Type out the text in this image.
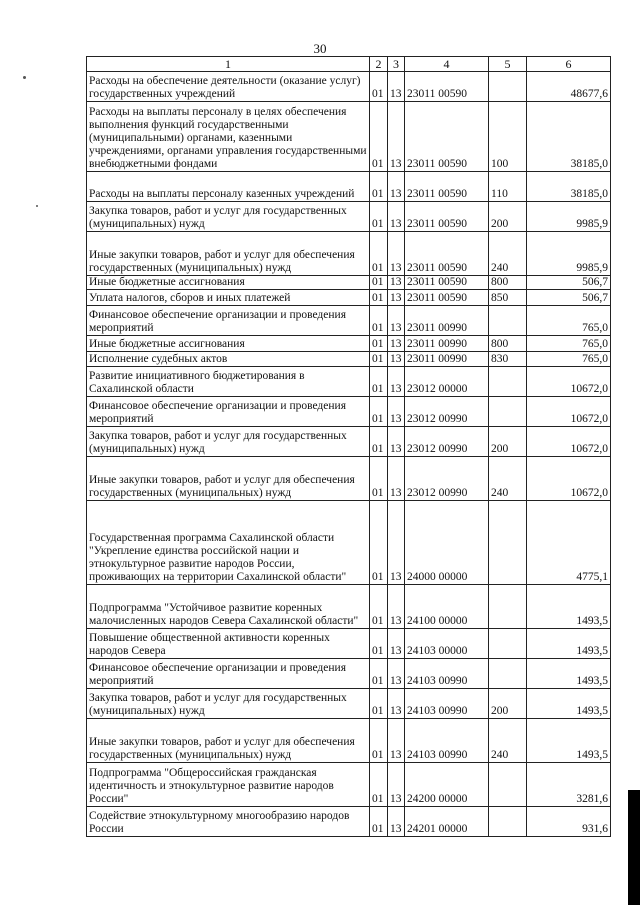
30
1	2	3	4	5	6
Расходы на обеспечение деятельности (оказание услуг) государственных учреждений	01	13	23011 00590		48677,6
Расходы на выплаты персоналу в целях обеспечения выполнения функций государственными (муниципальными) органами, казенными учреждениями, органами управления государственными внебюджетными фондами	01	13	23011 00590	100	38185,0
Расходы на выплаты персоналу казенных учреждений	01	13	23011 00590	110	38185,0
Закупка товаров, работ и услуг для государственных (муниципальных) нужд	01	13	23011 00590	200	9985,9
Иные закупки товаров, работ и услуг для обеспечения государственных (муниципальных) нужд	01	13	23011 00590	240	9985,9
Иные бюджетные ассигнования	01	13	23011 00590	800	506,7
Уплата налогов, сборов и иных платежей	01	13	23011 00590	850	506,7
Финансовое обеспечение организации и проведения мероприятий	01	13	23011 00990		765,0
Иные бюджетные ассигнования	01	13	23011 00990	800	765,0
Исполнение судебных актов	01	13	23011 00990	830	765,0
Развитие инициативного бюджетирования в Сахалинской области	01	13	23012 00000		10672,0
Финансовое обеспечение организации и проведения мероприятий	01	13	23012 00990		10672,0
Закупка товаров, работ и услуг для государственных (муниципальных) нужд	01	13	23012 00990	200	10672,0
Иные закупки товаров, работ и услуг для обеспечения государственных (муниципальных) нужд	01	13	23012 00990	240	10672,0
Государственная программа Сахалинской области "Укрепление единства российской нации и этнокультурное развитие народов России, проживающих на территории Сахалинской области"	01	13	24000 00000		4775,1
Подпрограмма "Устойчивое развитие коренных малочисленных народов Севера Сахалинской области"	01	13	24100 00000		1493,5
Повышение общественной активности коренных народов Севера	01	13	24103 00000		1493,5
Финансовое обеспечение организации и проведения мероприятий	01	13	24103 00990		1493,5
Закупка товаров, работ и услуг для государственных (муниципальных) нужд	01	13	24103 00990	200	1493,5
Иные закупки товаров, работ и услуг для обеспечения государственных (муниципальных) нужд	01	13	24103 00990	240	1493,5
Подпрограмма "Общероссийская гражданская идентичность и этнокультурное развитие народов России"	01	13	24200 00000		3281,6
Содействие этнокультурному многообразию народов России	01	13	24201 00000		931,6
